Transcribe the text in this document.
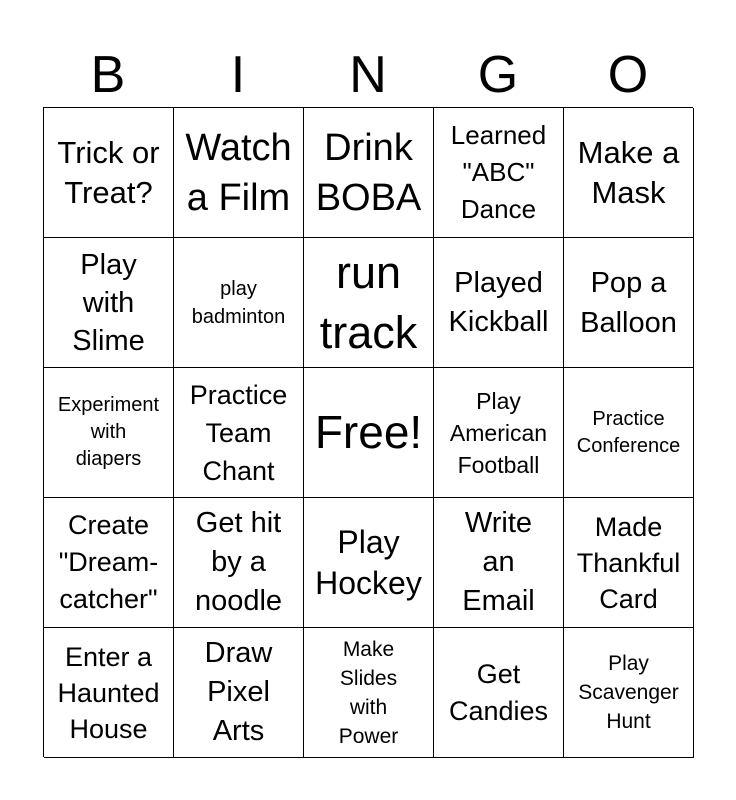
B	I	N	G	O
Trick or
Treat?
Watch
a Film
Drink
BOBA
Learned
"ABC"
Dance
Make a
Mask
Play
with
Slime
play
badminton
run
track
Played
Kickball
Pop a
Balloon
Experiment
with
diapers
Practice
Team
Chant
Free!
Play
American
Football
Practice
Conference
Create
"Dream-
catcher"
Get hit
by a
noodle
Play
Hockey
Write
an
Email
Made
Thankful
Card
Enter a
Haunted
House
Draw
Pixel
Arts
Make
Slides
with
Power
Get
Candies
Play
Scavenger
Hunt
